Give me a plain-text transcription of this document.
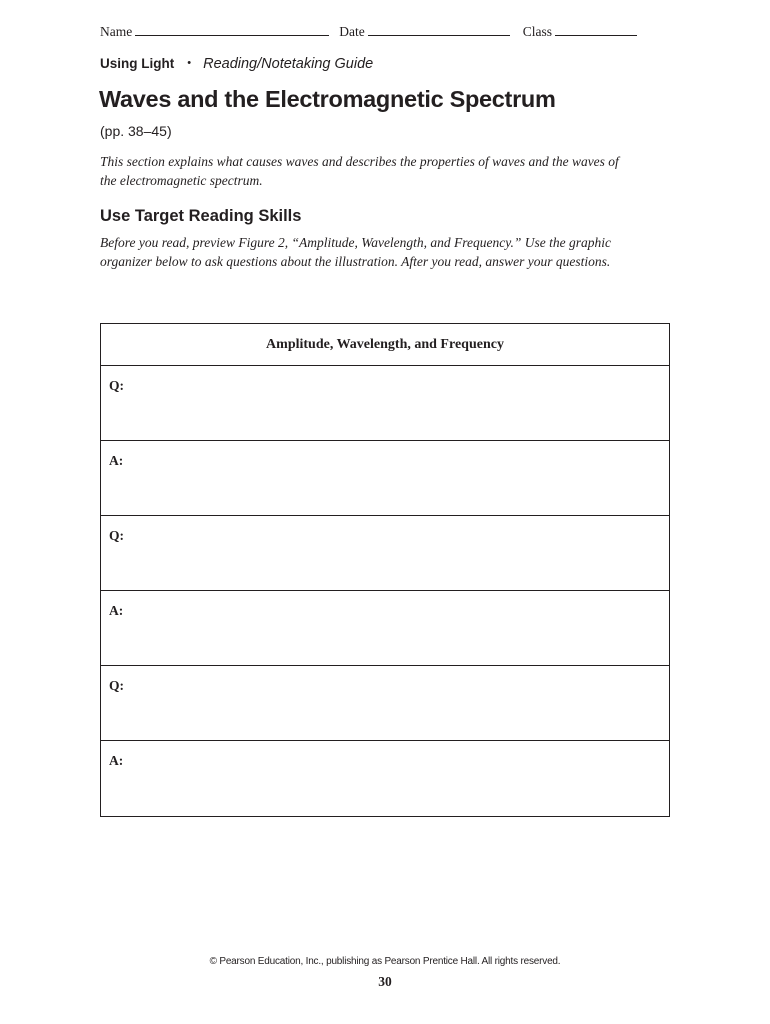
Name	Date	Class
Using Light • Reading/Notetaking Guide
Waves and the Electromagnetic Spectrum
(pp. 38–45)
This section explains what causes waves and describes the properties of waves and the waves of the electromagnetic spectrum.
Use Target Reading Skills
Before you read, preview Figure 2, “Amplitude, Wavelength, and Frequency.” Use the graphic organizer below to ask questions about the illustration. After you read, answer your questions.
Amplitude, Wavelength, and Frequency
Q:
A:
Q:
A:
Q:
A:
© Pearson Education, Inc., publishing as Pearson Prentice Hall. All rights reserved.
30
